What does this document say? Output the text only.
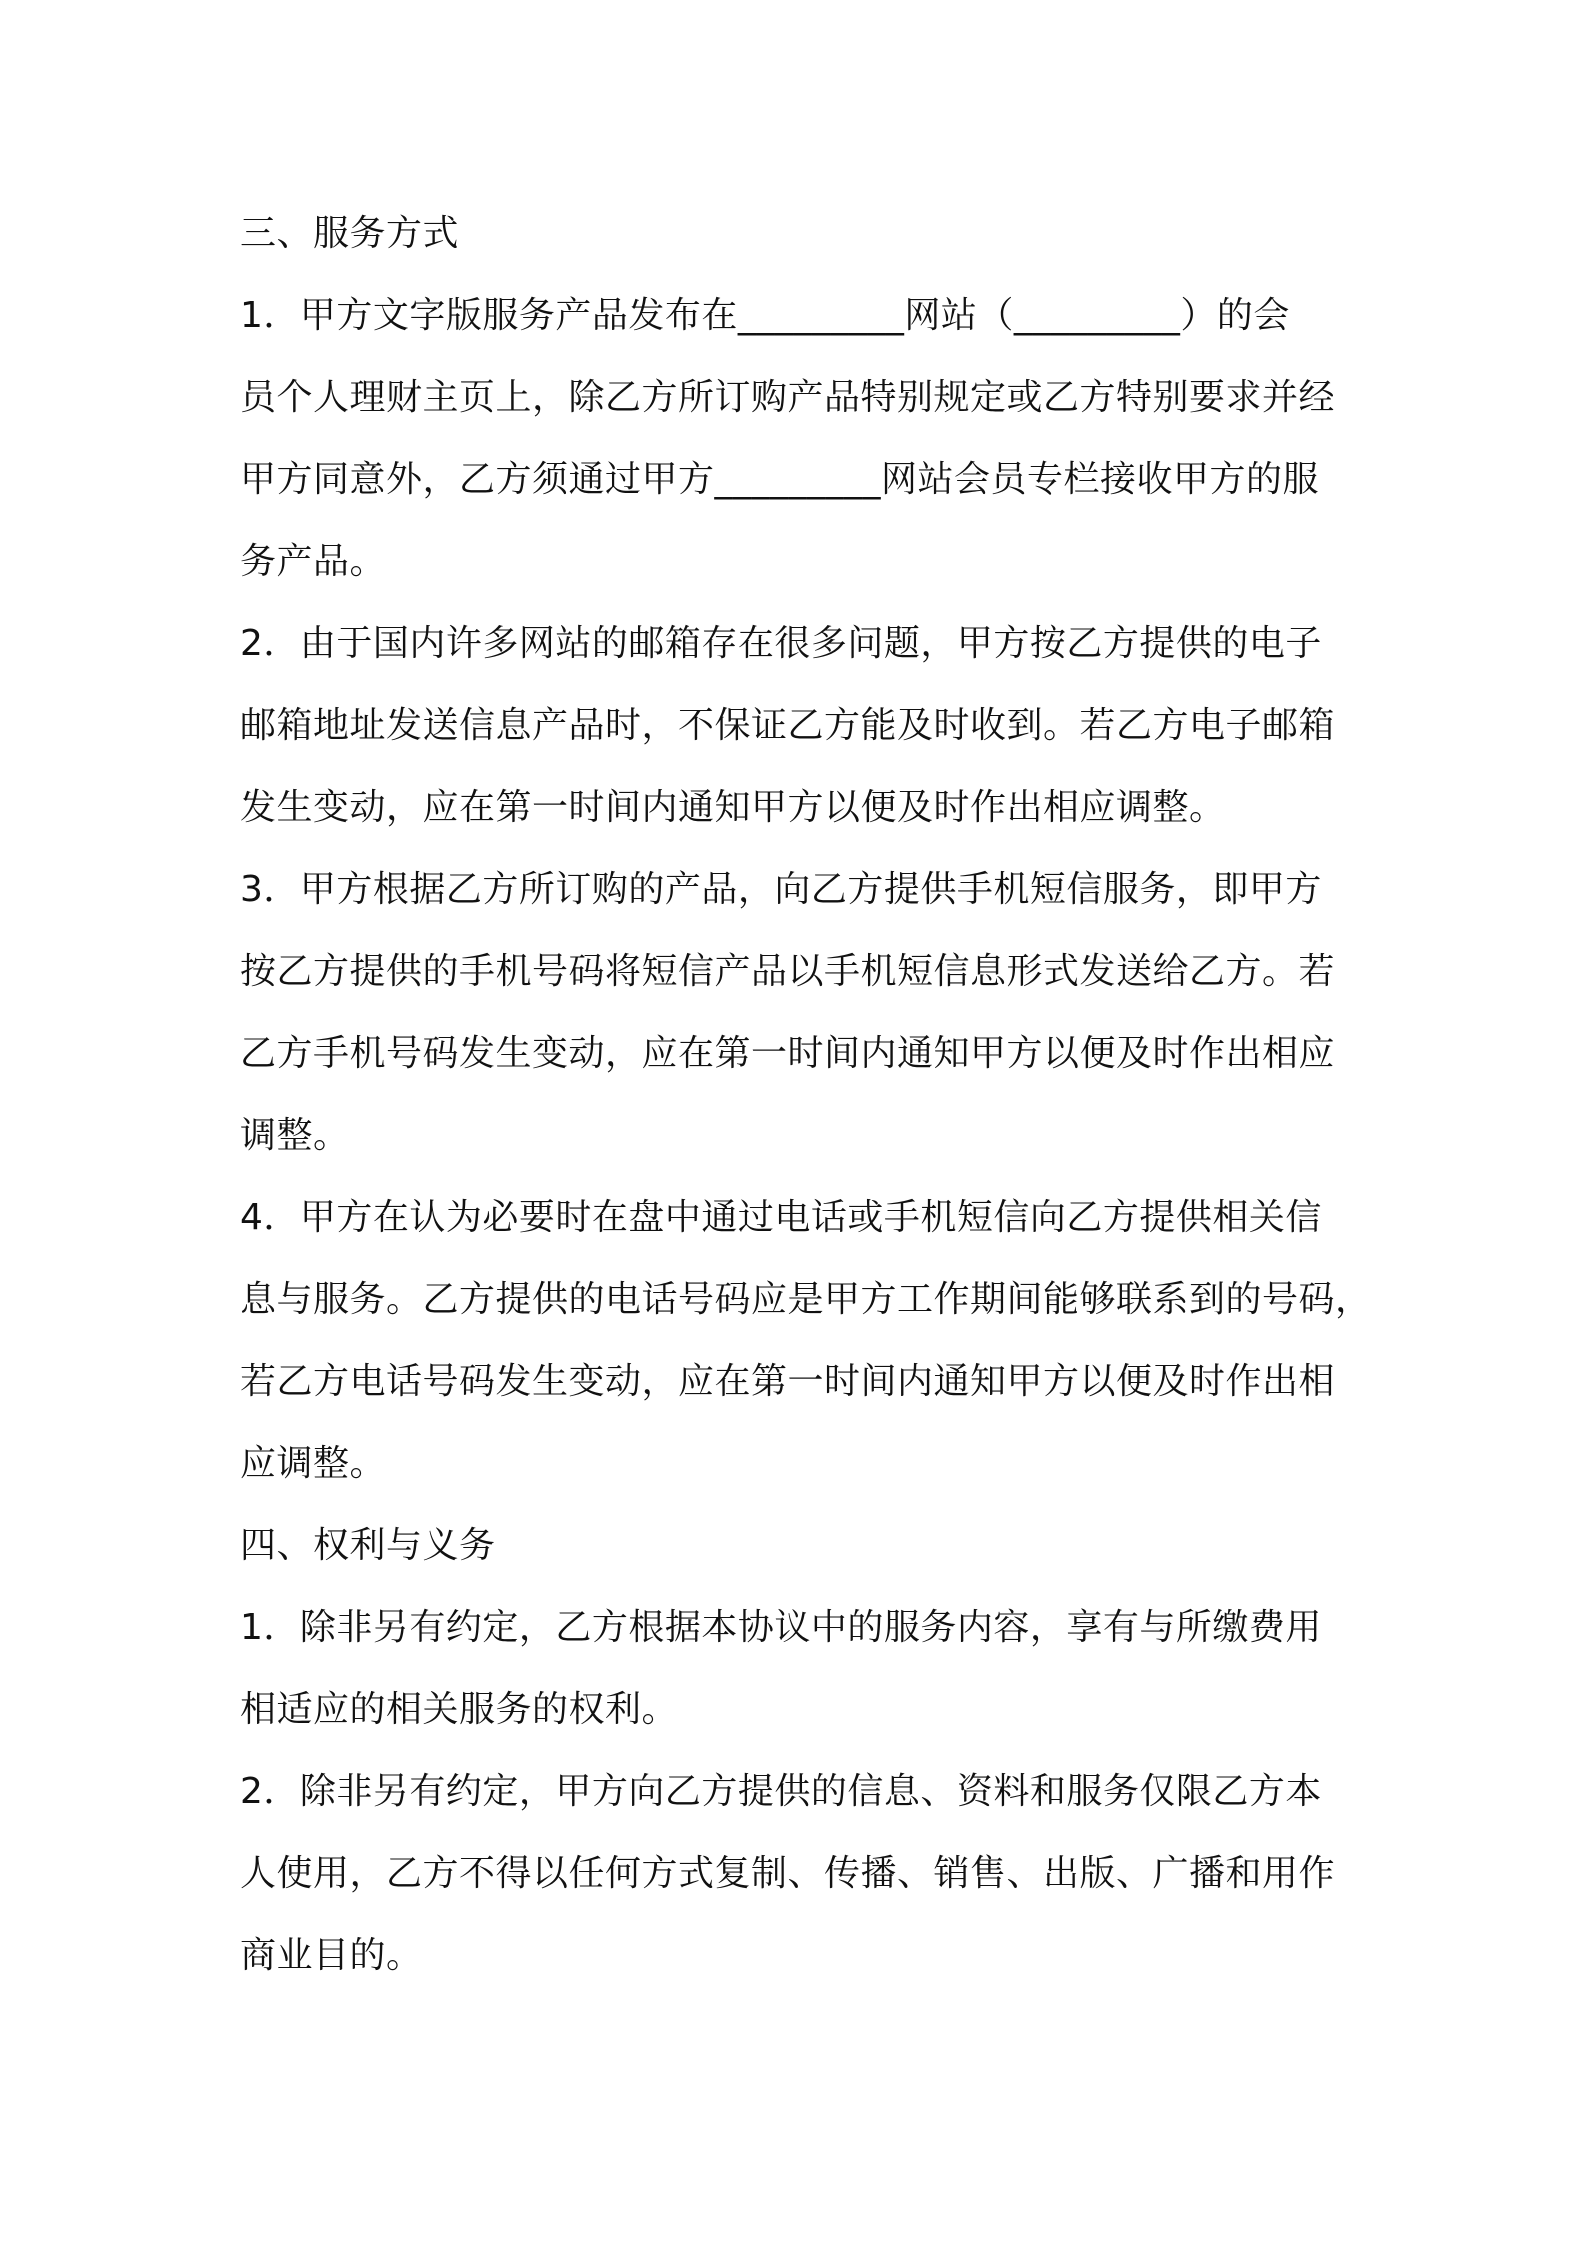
三、服务方式
1．甲方文字版服务产品发布在_________网站（_________）的会
员个人理财主页上，除乙方所订购产品特别规定或乙方特别要求并经
甲方同意外，乙方须通过甲方_________网站会员专栏接收甲方的服
务产品。
2．由于国内许多网站的邮箱存在很多问题，甲方按乙方提供的电子
邮箱地址发送信息产品时，不保证乙方能及时收到。若乙方电子邮箱
发生变动，应在第一时间内通知甲方以便及时作出相应调整。
3．甲方根据乙方所订购的产品，向乙方提供手机短信服务，即甲方
按乙方提供的手机号码将短信产品以手机短信息形式发送给乙方。若
乙方手机号码发生变动，应在第一时间内通知甲方以便及时作出相应
调整。
4．甲方在认为必要时在盘中通过电话或手机短信向乙方提供相关信
息与服务。乙方提供的电话号码应是甲方工作期间能够联系到的号码，
若乙方电话号码发生变动，应在第一时间内通知甲方以便及时作出相
应调整。
四、权利与义务
1．除非另有约定，乙方根据本协议中的服务内容，享有与所缴费用
相适应的相关服务的权利。
2．除非另有约定，甲方向乙方提供的信息、资料和服务仅限乙方本
人使用，乙方不得以任何方式复制、传播、销售、出版、广播和用作
商业目的。
